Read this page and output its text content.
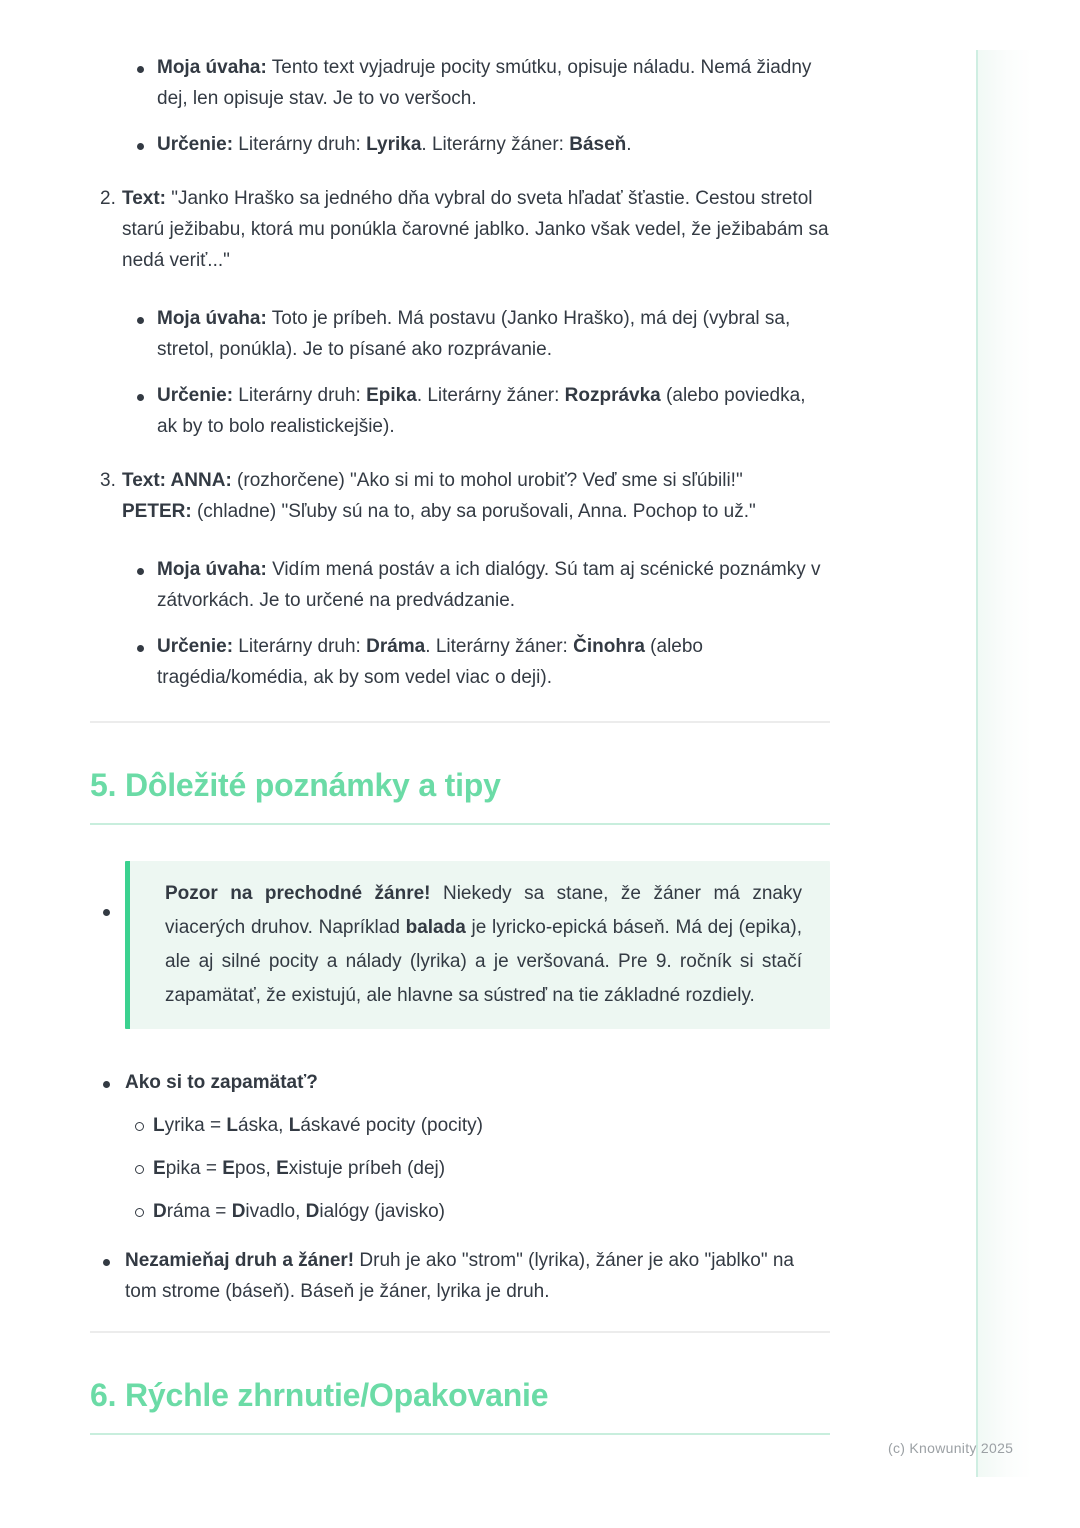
Moja úvaha: Tento text vyjadruje pocity smútku, opisuje náladu. Nemá žiadny dej, len opisuje stav. Je to vo veršoch.
Určenie: Literárny druh: Lyrika. Literárny žáner: Báseň.
2. Text: "Janko Hraško sa jedného dňa vybral do sveta hľadať šťastie. Cestou stretol starú ježibabu, ktorá mu ponúkla čarovné jablko. Janko však vedel, že ježibabám sa nedá veriť..."
Moja úvaha: Toto je príbeh. Má postavu (Janko Hraško), má dej (vybral sa, stretol, ponúkla). Je to písané ako rozprávanie.
Určenie: Literárny druh: Epika. Literárny žáner: Rozprávka (alebo poviedka, ak by to bolo realistickejšie).
3. Text: ANNA: (rozhorčene) "Ako si mi to mohol urobiť? Veď sme si sľúbili!"
PETER: (chladne) "Sľuby sú na to, aby sa porušovali, Anna. Pochop to už."
Moja úvaha: Vidím mená postáv a ich dialógy. Sú tam aj scénické poznámky v zátvorkách. Je to určené na predvádzanie.
Určenie: Literárny druh: Dráma. Literárny žáner: Činohra (alebo tragédia/komédia, ak by som vedel viac o deji).
5. Dôležité poznámky a tipy
Pozor na prechodné žánre! Niekedy sa stane, že žáner má znaky viacerých druhov. Napríklad balada je lyricko-epická báseň. Má dej (epika), ale aj silné pocity a nálady (lyrika) a je veršovaná. Pre 9. ročník si stačí zapamätať, že existujú, ale hlavne sa sústreď na tie základné rozdiely.
Ako si to zapamätať?
Lyrika = Láska, Láskavé pocity (pocity)
Epika = Epos, Existuje príbeh (dej)
Dráma = Divadlo, Dialógy (javisko)
Nezamieňaj druh a žáner! Druh je ako "strom" (lyrika), žáner je ako "jablko" na tom strome (báseň). Báseň je žáner, lyrika je druh.
6. Rýchle zhrnutie/Opakovanie
(c) Knowunity 2025
